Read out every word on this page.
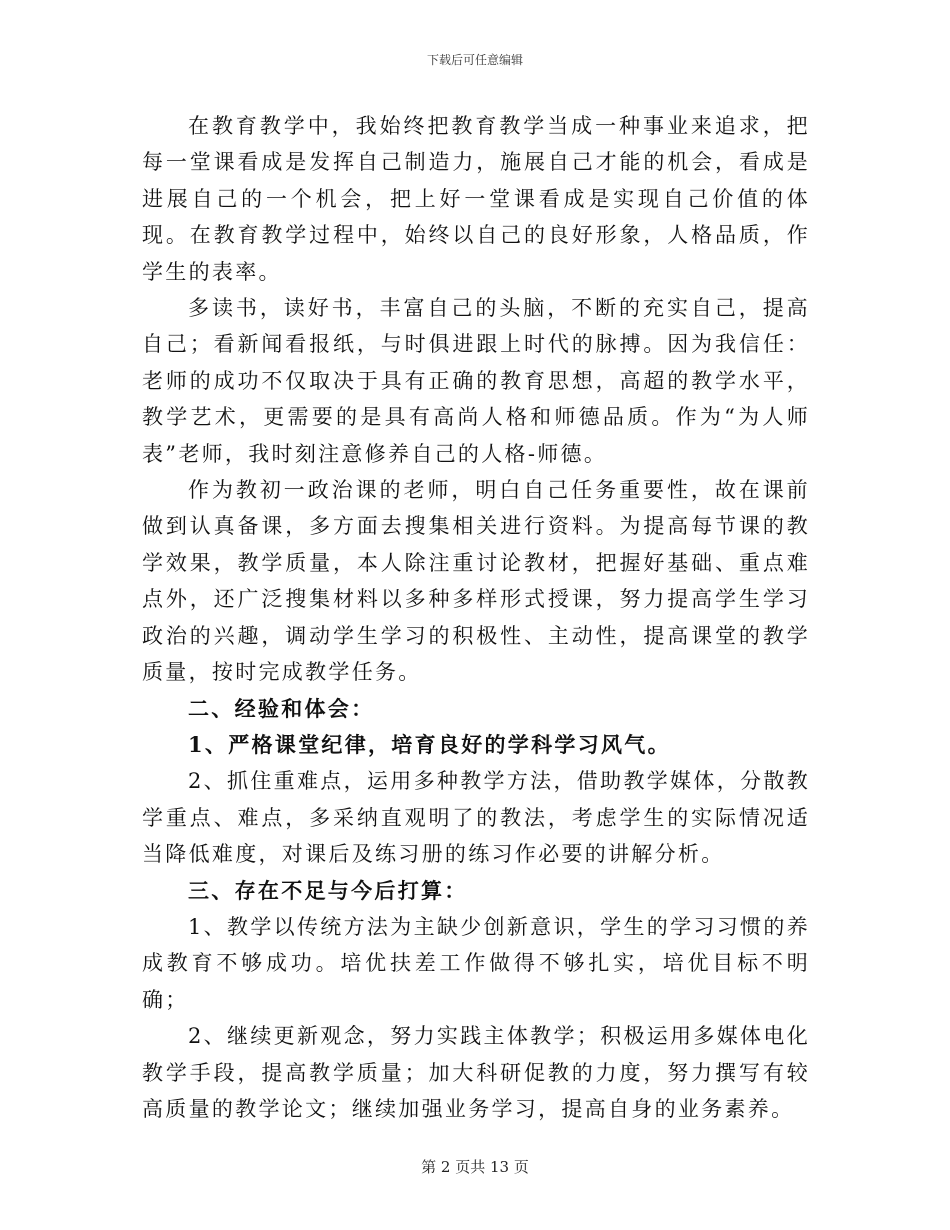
下载后可任意编辑

在教育教学中，我始终把教育教学当成一种事业来追求，把每一堂课看成是发挥自己制造力，施展自己才能的机会，看成是进展自己的一个机会，把上好一堂课看成是实现自己价值的体现。在教育教学过程中，始终以自己的良好形象，人格品质，作学生的表率。

多读书，读好书，丰富自己的头脑，不断的充实自己，提高自己；看新闻看报纸，与时俱进跟上时代的脉搏。因为我信任：老师的成功不仅取决于具有正确的教育思想，高超的教学水平，教学艺术，更需要的是具有高尚人格和师德品质。作为“为人师表”老师，我时刻注意修养自己的人格-师德。

作为教初一政治课的老师，明白自己任务重要性，故在课前做到认真备课，多方面去搜集相关进行资料。为提高每节课的教学效果，教学质量，本人除注重讨论教材，把握好基础、重点难点外，还广泛搜集材料以多种多样形式授课，努力提高学生学习政治的兴趣，调动学生学习的积极性、主动性，提高课堂的教学质量，按时完成教学任务。

二、经验和体会：

1、严格课堂纪律，培育良好的学科学习风气。

2、抓住重难点，运用多种教学方法，借助教学媒体，分散教学重点、难点，多采纳直观明了的教法，考虑学生的实际情况适当降低难度，对课后及练习册的练习作必要的讲解分析。

三、存在不足与今后打算：

1、教学以传统方法为主缺少创新意识，学生的学习习惯的养成教育不够成功。培优扶差工作做得不够扎实，培优目标不明确；

2、继续更新观念，努力实践主体教学；积极运用多媒体电化教学手段，提高教学质量；加大科研促教的力度，努力撰写有较高质量的教学论文；继续加强业务学习，提高自身的业务素养。

第 2 页共 13 页
